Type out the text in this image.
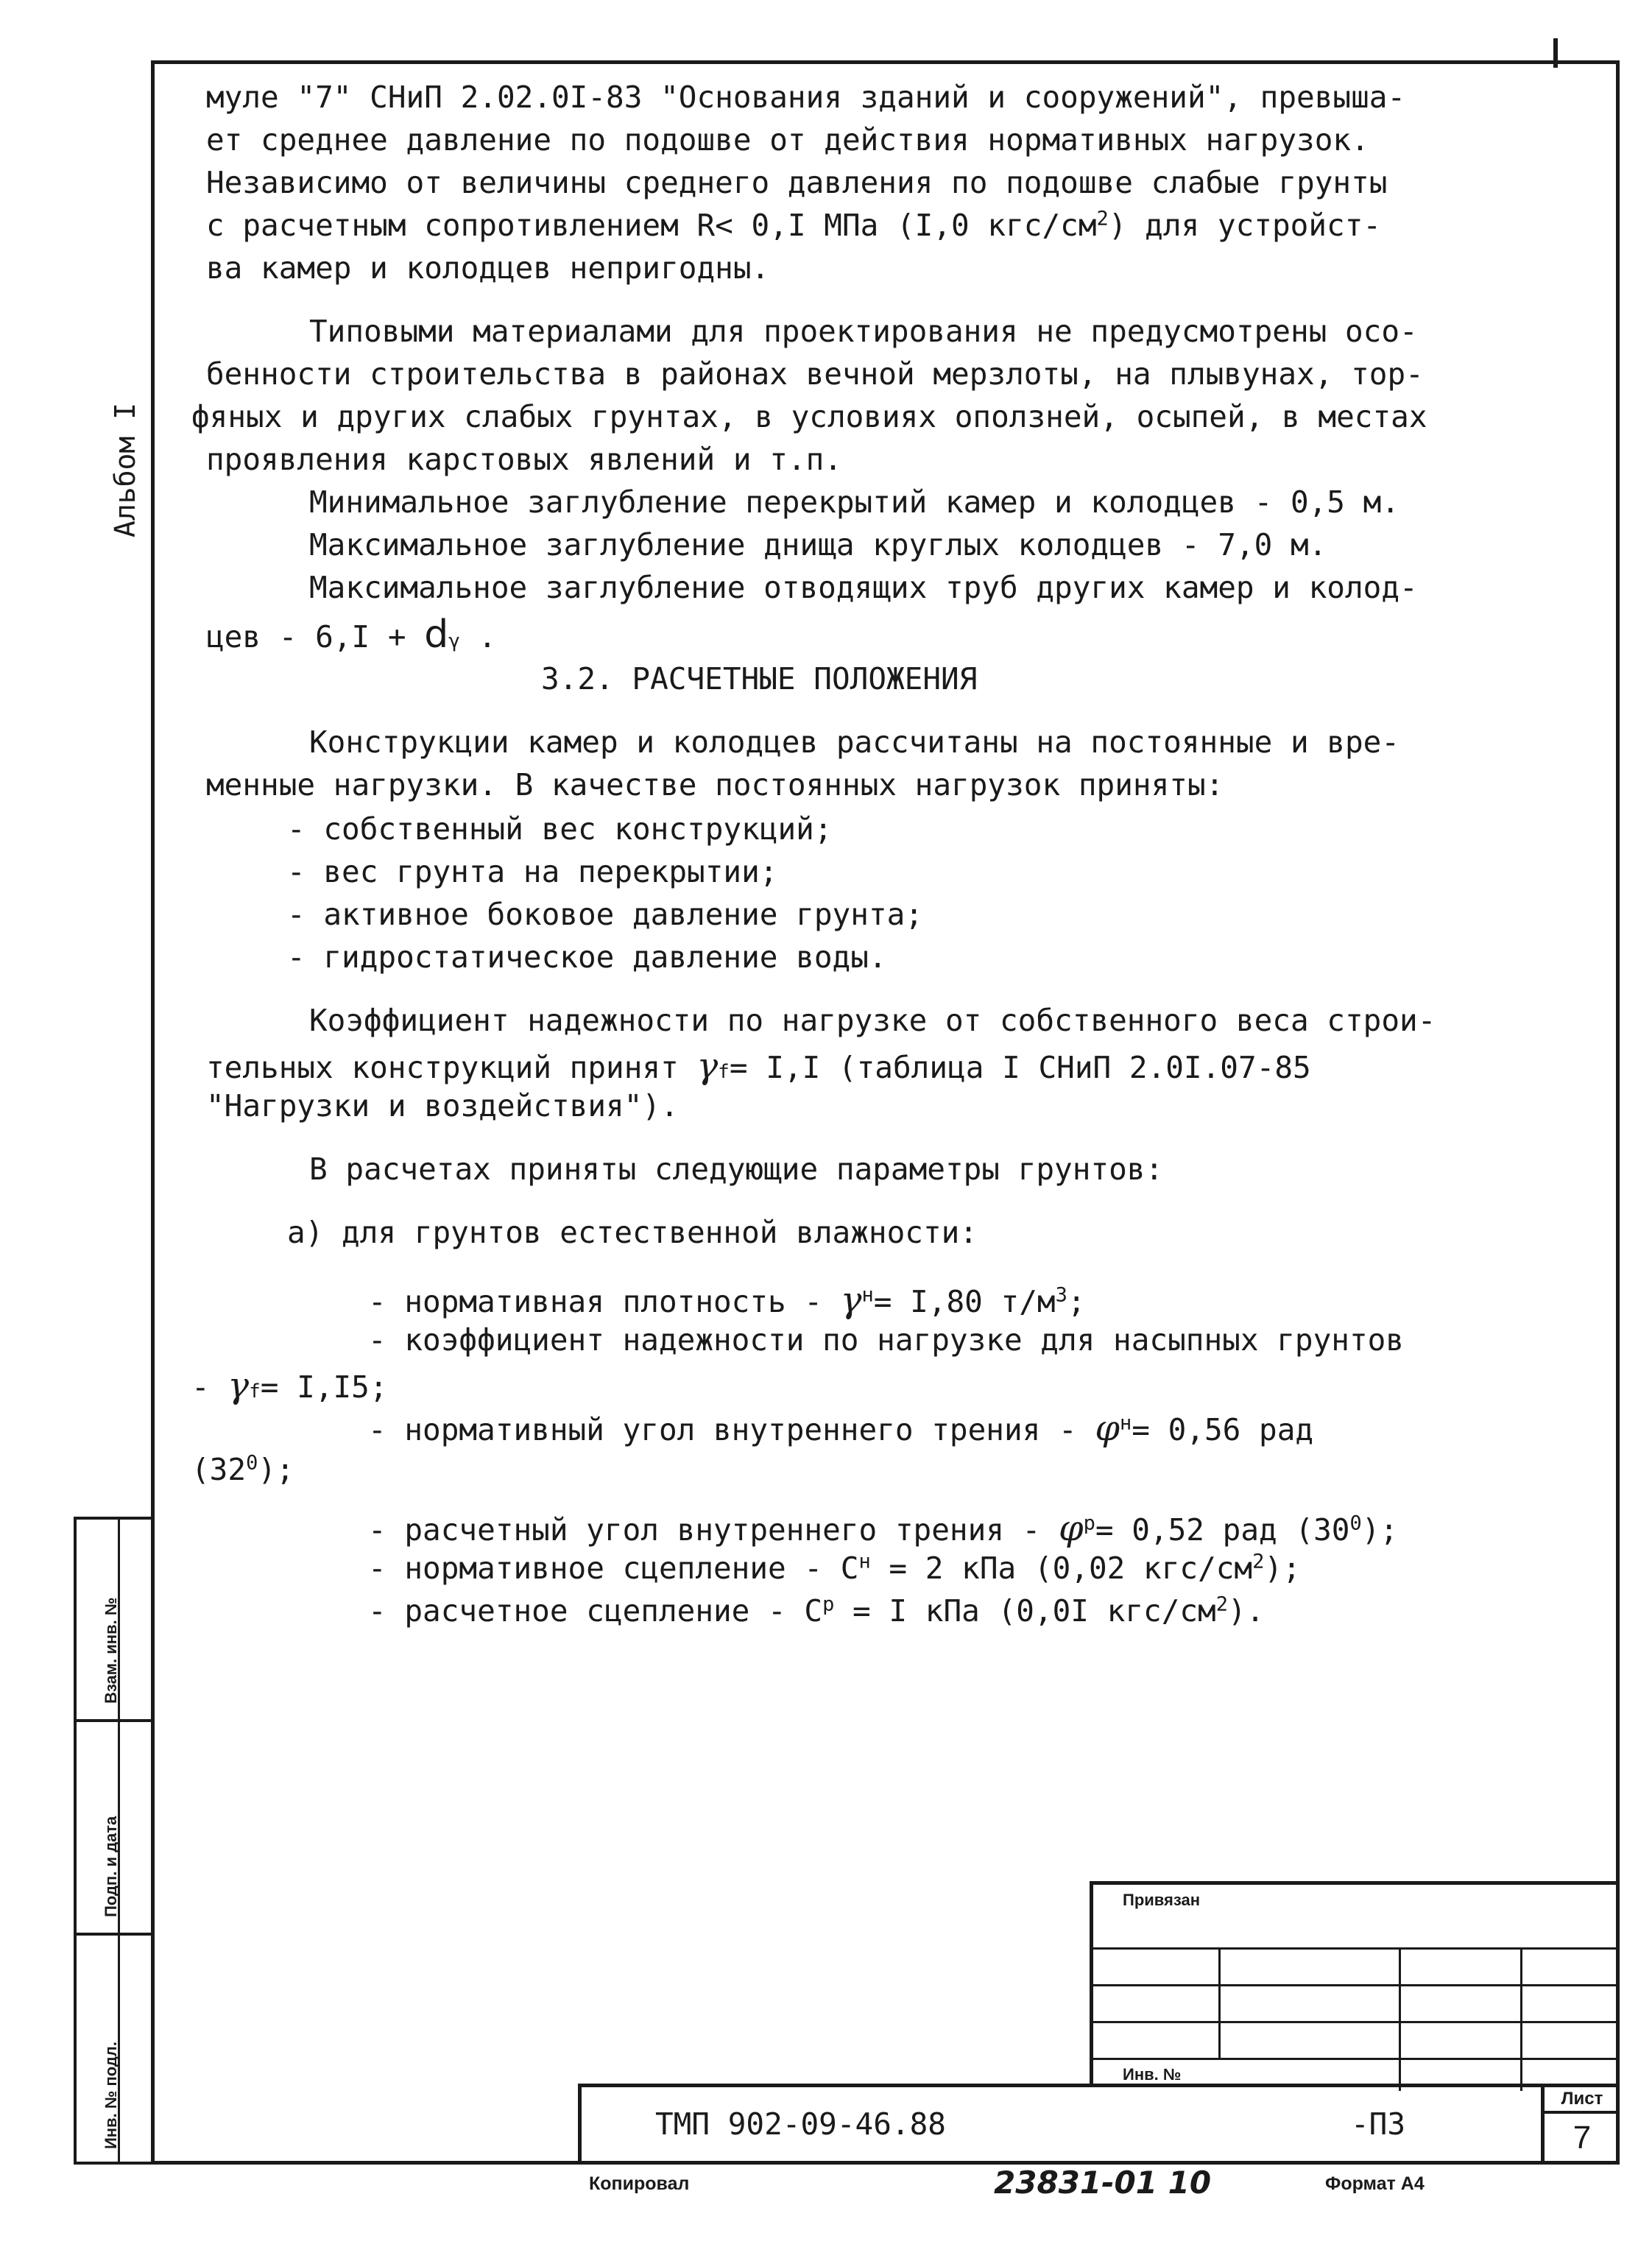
Альбом I
муле "7" СНиП 2.02.0I-83 "Основания зданий и сооружений", превыша-
ет среднее давление по подошве от действия нормативных нагрузок.
Независимо от величины среднего давления по подошве слабые грунты
с расчетным сопротивлением R< 0,I МПа (I,0 кгс/$см^2$) для устройст-
ва камер и колодцев непригодны.
Типовыми материалами для проектирования не предусмотрены осо-
бенности строительства в районах вечной мерзлоты, на плывунах, тор-
фяных и других слабых грунтах, в условиях оползней, осыпей, в местах
проявления карстовых явлений и т.п.
Минимальное заглубление перекрытий камер и колодцев - 0,5 м.
Максимальное заглубление днища круглых колодцев - 7,0 м.
Максимальное заглубление отводящих труб других камер и колод-
цев - 6,I + dγ .
3.2. РАСЧЕТНЫЕ ПОЛОЖЕНИЯ
Конструкции камер и колодцев рассчитаны на постоянные и вре-
менные нагрузки. В качестве постоянных нагрузок приняты:
- собственный вес конструкций;
- вес грунта на перекрытии;
- активное боковое давление грунта;
- гидростатическое давление воды.
Коэффициент надежности по нагрузке от собственного веса строи-
тельных конструкций принят γf= I,I (таблица I СНиП 2.0I.07-85
"Нагрузки и воздействия").
В расчетах приняты следующие параметры грунтов:
а) для грунтов естественной влажности:
- нормативная плотность - $\gamma^н= I,80$ $т/м^3$;
- коэффициент надежности по нагрузке для насыпных грунтов
- γf= I,I5;
- нормативный угол внутреннего трения - $\varphi^н= 0,56$ рад
$(32^0)$;
- расчетный угол внутреннего трения - $\varphi^р= 0,52$ рад $(30^0)$;
- нормативное сцепление - $C^н = 2$ кПа (0,02 кгс/$см^2$);
- расчетное сцепление - $C^р = I$ кПа (0,0I кгс/$см^2$).
Взам. инв. №
Подп. и дата
Инв. № подл.
Привязан
Инв. №
ТМП 902-09-46.88	-ПЗ
Лист
7
Копировал	23831-01 10	Формат А4
